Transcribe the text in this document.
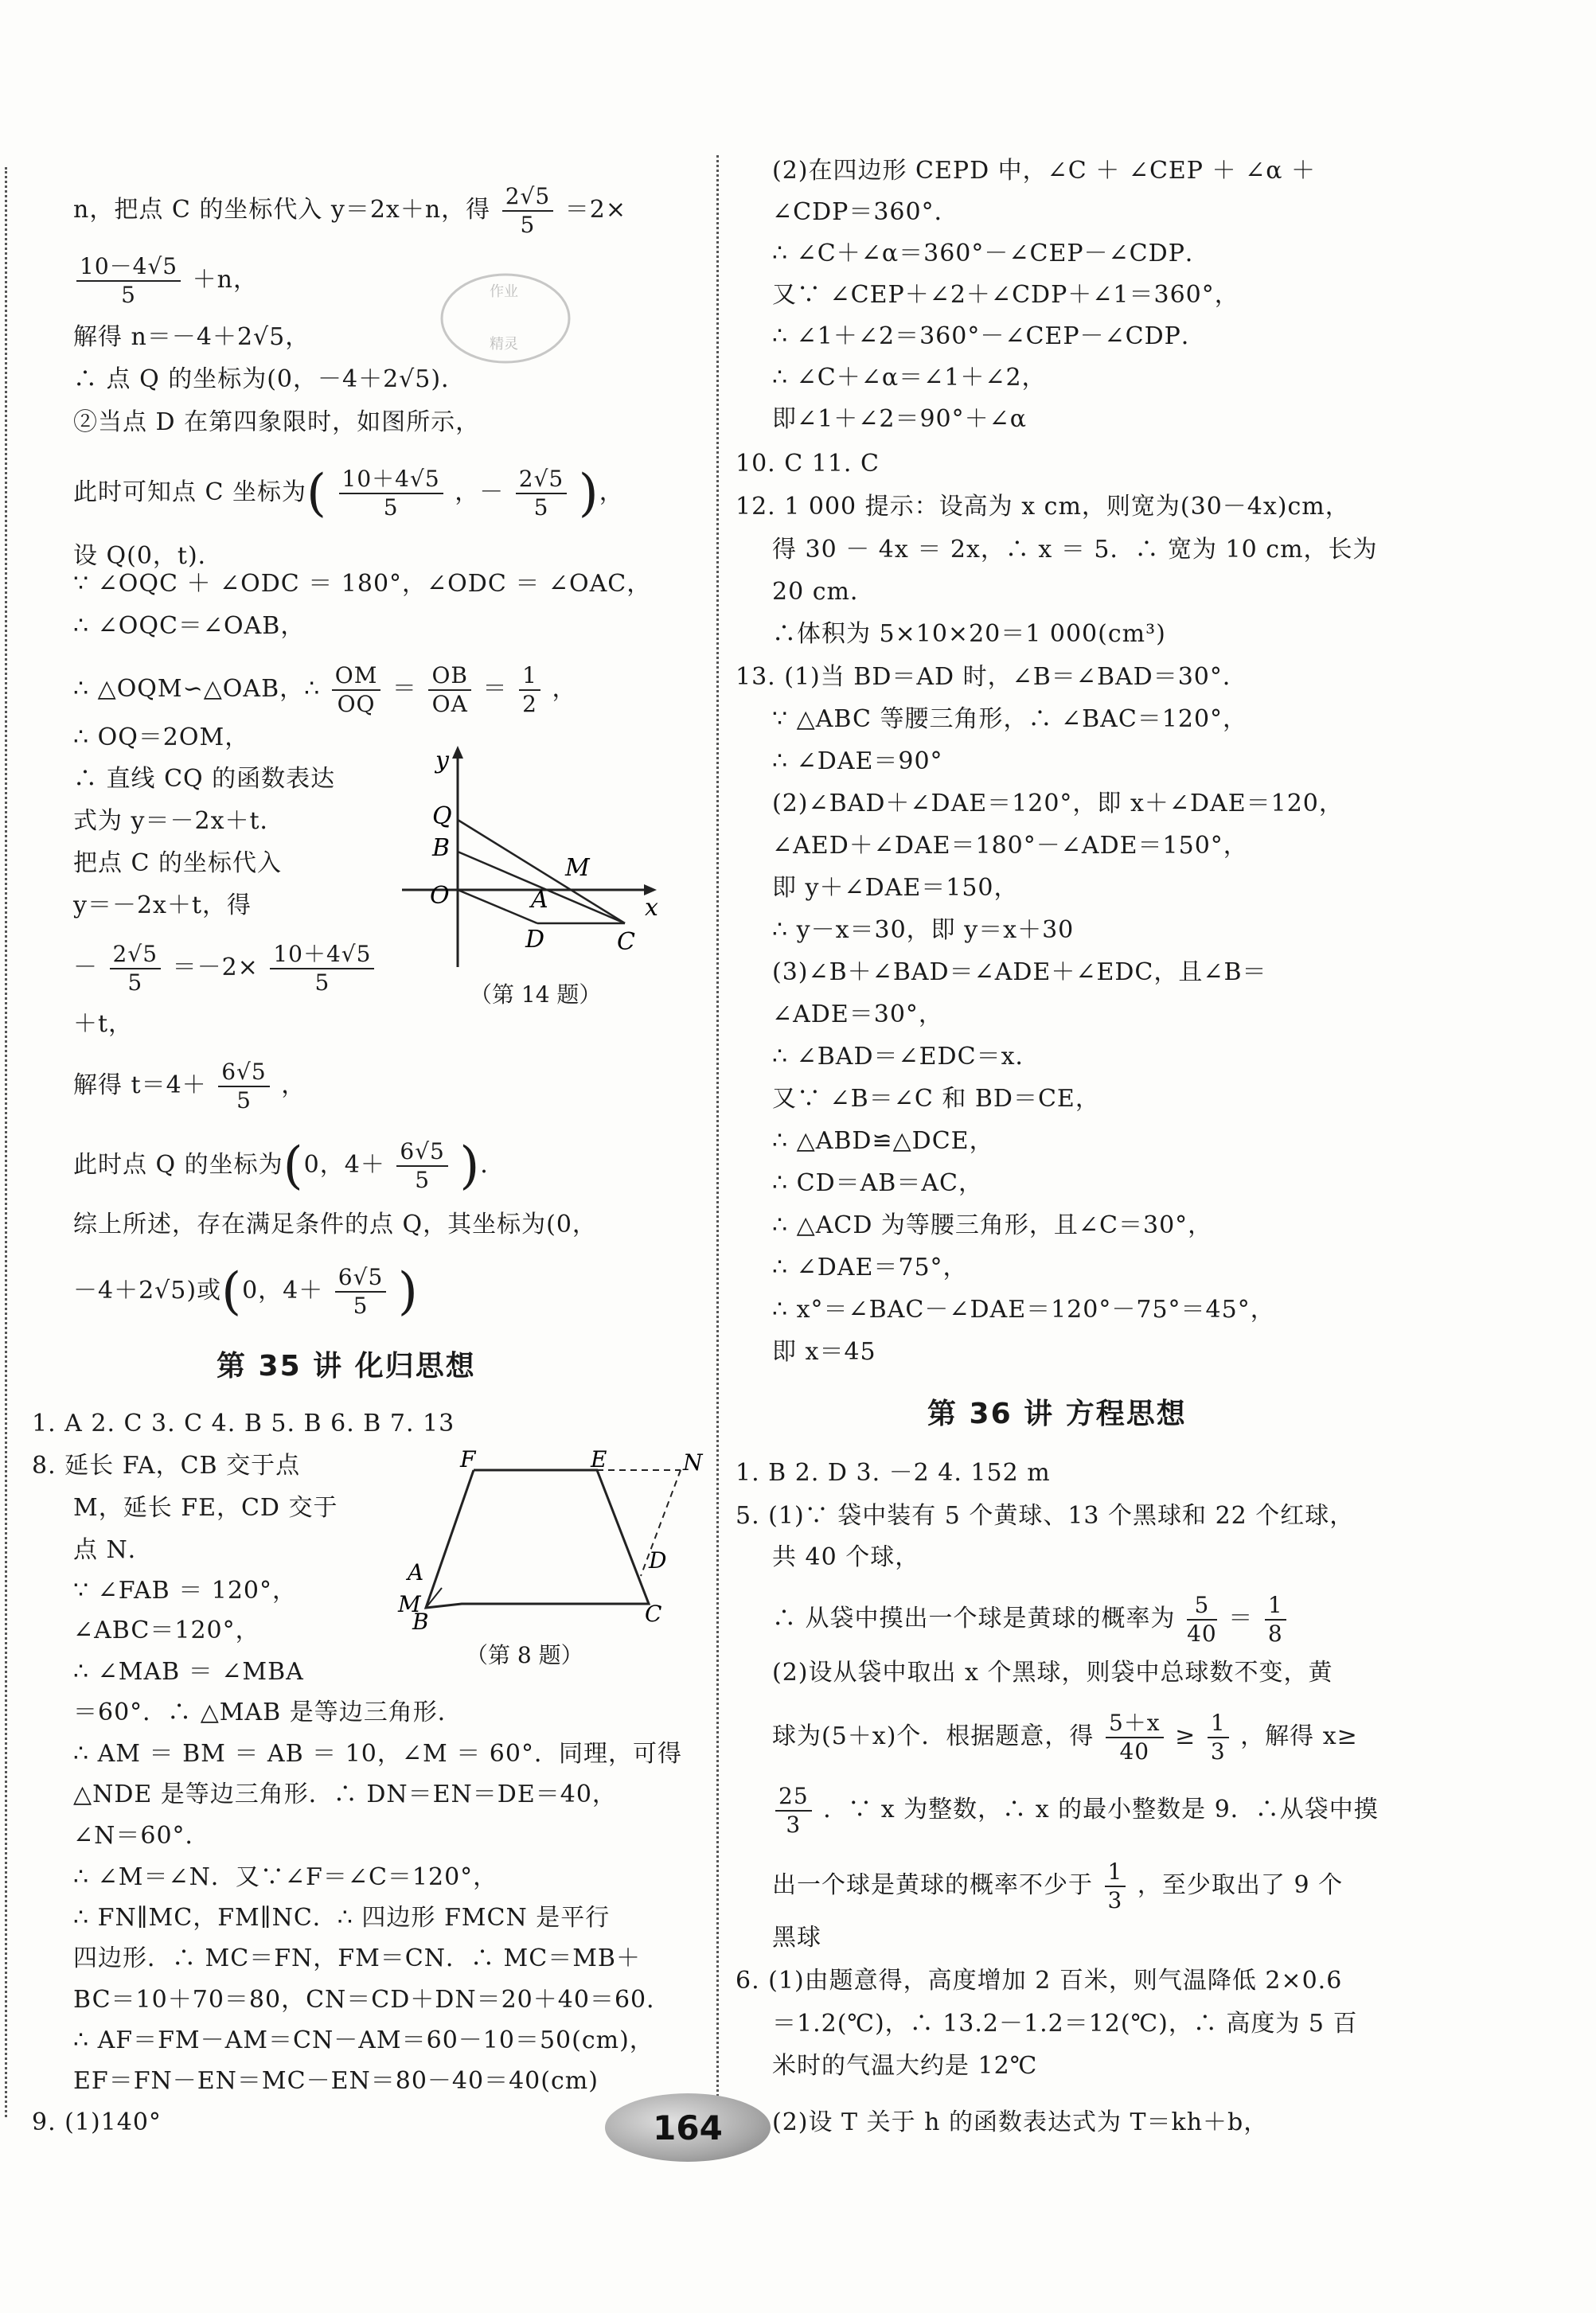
n，把点 C 的坐标代入 y＝2x＋n，得 $\frac{2√5}{5} =2\times$
$\frac{10-4√5}{5} +n$，
解得 n＝－4＋2√5，
∴ 点 Q 的坐标为(0，－4＋2√5)．
②当点 D 在第四象限时，如图所示，
此时可知点 C 坐标为( $\frac{10+4√5}{5}$ ，－ $\frac{2√5}{5}$ )，
设 Q(0，t)．
∵ ∠OQC ＋ ∠ODC ＝ 180°，∠ODC ＝ ∠OAC，
∴ ∠OQC＝∠OAB，
∴ △OQM∽△OAB，∴ $\frac{OM}{OQ} = \frac{OB}{OA} = \frac{1}{2}$ ，
∴ OQ＝2OM，
∴ 直线 CQ 的函数表达
式为 y＝－2x＋t．
把点 C 的坐标代入
y＝－2x＋t，得
－ $\frac{2√5}{5} =-2\times \frac{10+4√5}{5}$
＋t，
解得 $t=4+ \frac{6√5}{5}$ ，
此时点 Q 的坐标为(0，$4+ \frac{6√5}{5}$ )．
综上所述，存在满足条件的点 Q，其坐标为(0，
－4＋2√5)或(0，$4+ \frac{6√5}{5}$ )
y
x
Q
B
O	A
M
D	C
（第 14 题）
作业
精灵
第 35 讲 化归思想
1. A 2. C 3. C 4. B 5. B 6. B 7. 13
8. 延长 FA，CB 交于点
M，延长 FE，CD 交于
点 N．
∵ ∠FAB ＝ 120°，
∠ABC＝120°，
∴ ∠MAB ＝ ∠MBA
＝60°．∴ △MAB 是等边三角形．
∴ AM ＝ BM ＝ AB ＝ 10，∠M ＝ 60°．同理，可得
△NDE 是等边三角形．∴ DN＝EN＝DE＝40，
∠N＝60°．
∴ ∠M＝∠N．又∵∠F＝∠C＝120°，
∴ FN∥MC，FM∥NC．∴ 四边形 FMCN 是平行
四边形．∴ MC＝FN，FM＝CN．∴ MC＝MB＋
BC＝10＋70＝80，CN＝CD＋DN＝20＋40＝60．
∴ AF＝FM－AM＝CN－AM＝60－10＝50(cm)，
EF＝FN－EN＝MC－EN＝80－40＝40(cm)
9. (1)140°
F	E	N
A	D
M
B	C
（第 8 题）
(2)在四边形 CEPD 中，∠C ＋ ∠CEP ＋ ∠α ＋
∠CDP＝360°．
∴ ∠C＋∠α＝360°－∠CEP－∠CDP．
又∵ ∠CEP＋∠2＋∠CDP＋∠1＝360°，
∴ ∠1＋∠2＝360°－∠CEP－∠CDP．
∴ ∠C＋∠α＝∠1＋∠2，
即∠1＋∠2＝90°＋∠α
10. C 11. C
12. 1 000 提示：设高为 x cm，则宽为(30－4x)cm，
得 30 － 4x ＝ 2x，∴ x ＝ 5．∴ 宽为 10 cm，长为
20 cm．
∴体积为 5×10×20＝1 000(cm³)
13. (1)当 BD＝AD 时，∠B＝∠BAD＝30°．
∵ △ABC 等腰三角形，∴ ∠BAC＝120°，
∴ ∠DAE＝90°
(2)∠BAD＋∠DAE＝120°，即 x＋∠DAE＝120，
∠AED＋∠DAE＝180°－∠ADE＝150°，
即 y＋∠DAE＝150，
∴ y－x＝30，即 y＝x＋30
(3)∠B＋∠BAD＝∠ADE＋∠EDC，且∠B＝
∠ADE＝30°，
∴ ∠BAD＝∠EDC＝x．
又∵ ∠B＝∠C 和 BD＝CE，
∴ △ABD≌△DCE，
∴ CD＝AB＝AC，
∴ △ACD 为等腰三角形，且∠C＝30°，
∴ ∠DAE＝75°，
∴ x°＝∠BAC－∠DAE＝120°－75°＝45°，
即 x＝45
第 36 讲 方程思想
1. B 2. D 3. －2 4. 152 m
5. (1)∵ 袋中装有 5 个黄球、13 个黑球和 22 个红球，
共 40 个球，
∴ 从袋中摸出一个球是黄球的概率为 $\frac{5}{40} = \frac{1}{8}$
(2)设从袋中取出 x 个黑球，则袋中总球数不变，黄
球为(5＋x)个．根据题意，得 $\frac{5+x}{40} \ge \frac{1}{3}$ ，解得 x≥
$\frac{25}{3}$ ．∵ x 为整数，∴ x 的最小整数是 9．∴从袋中摸
出一个球是黄球的概率不少于 $\frac{1}{3}$ ，至少取出了 9 个
黑球
6. (1)由题意得，高度增加 2 百米，则气温降低 2×0.6
＝1.2(℃)，∴ 13.2－1.2＝12(℃)，∴ 高度为 5 百
米时的气温大约是 12℃
(2)设 T 关于 h 的函数表达式为 T＝kh＋b，
164
